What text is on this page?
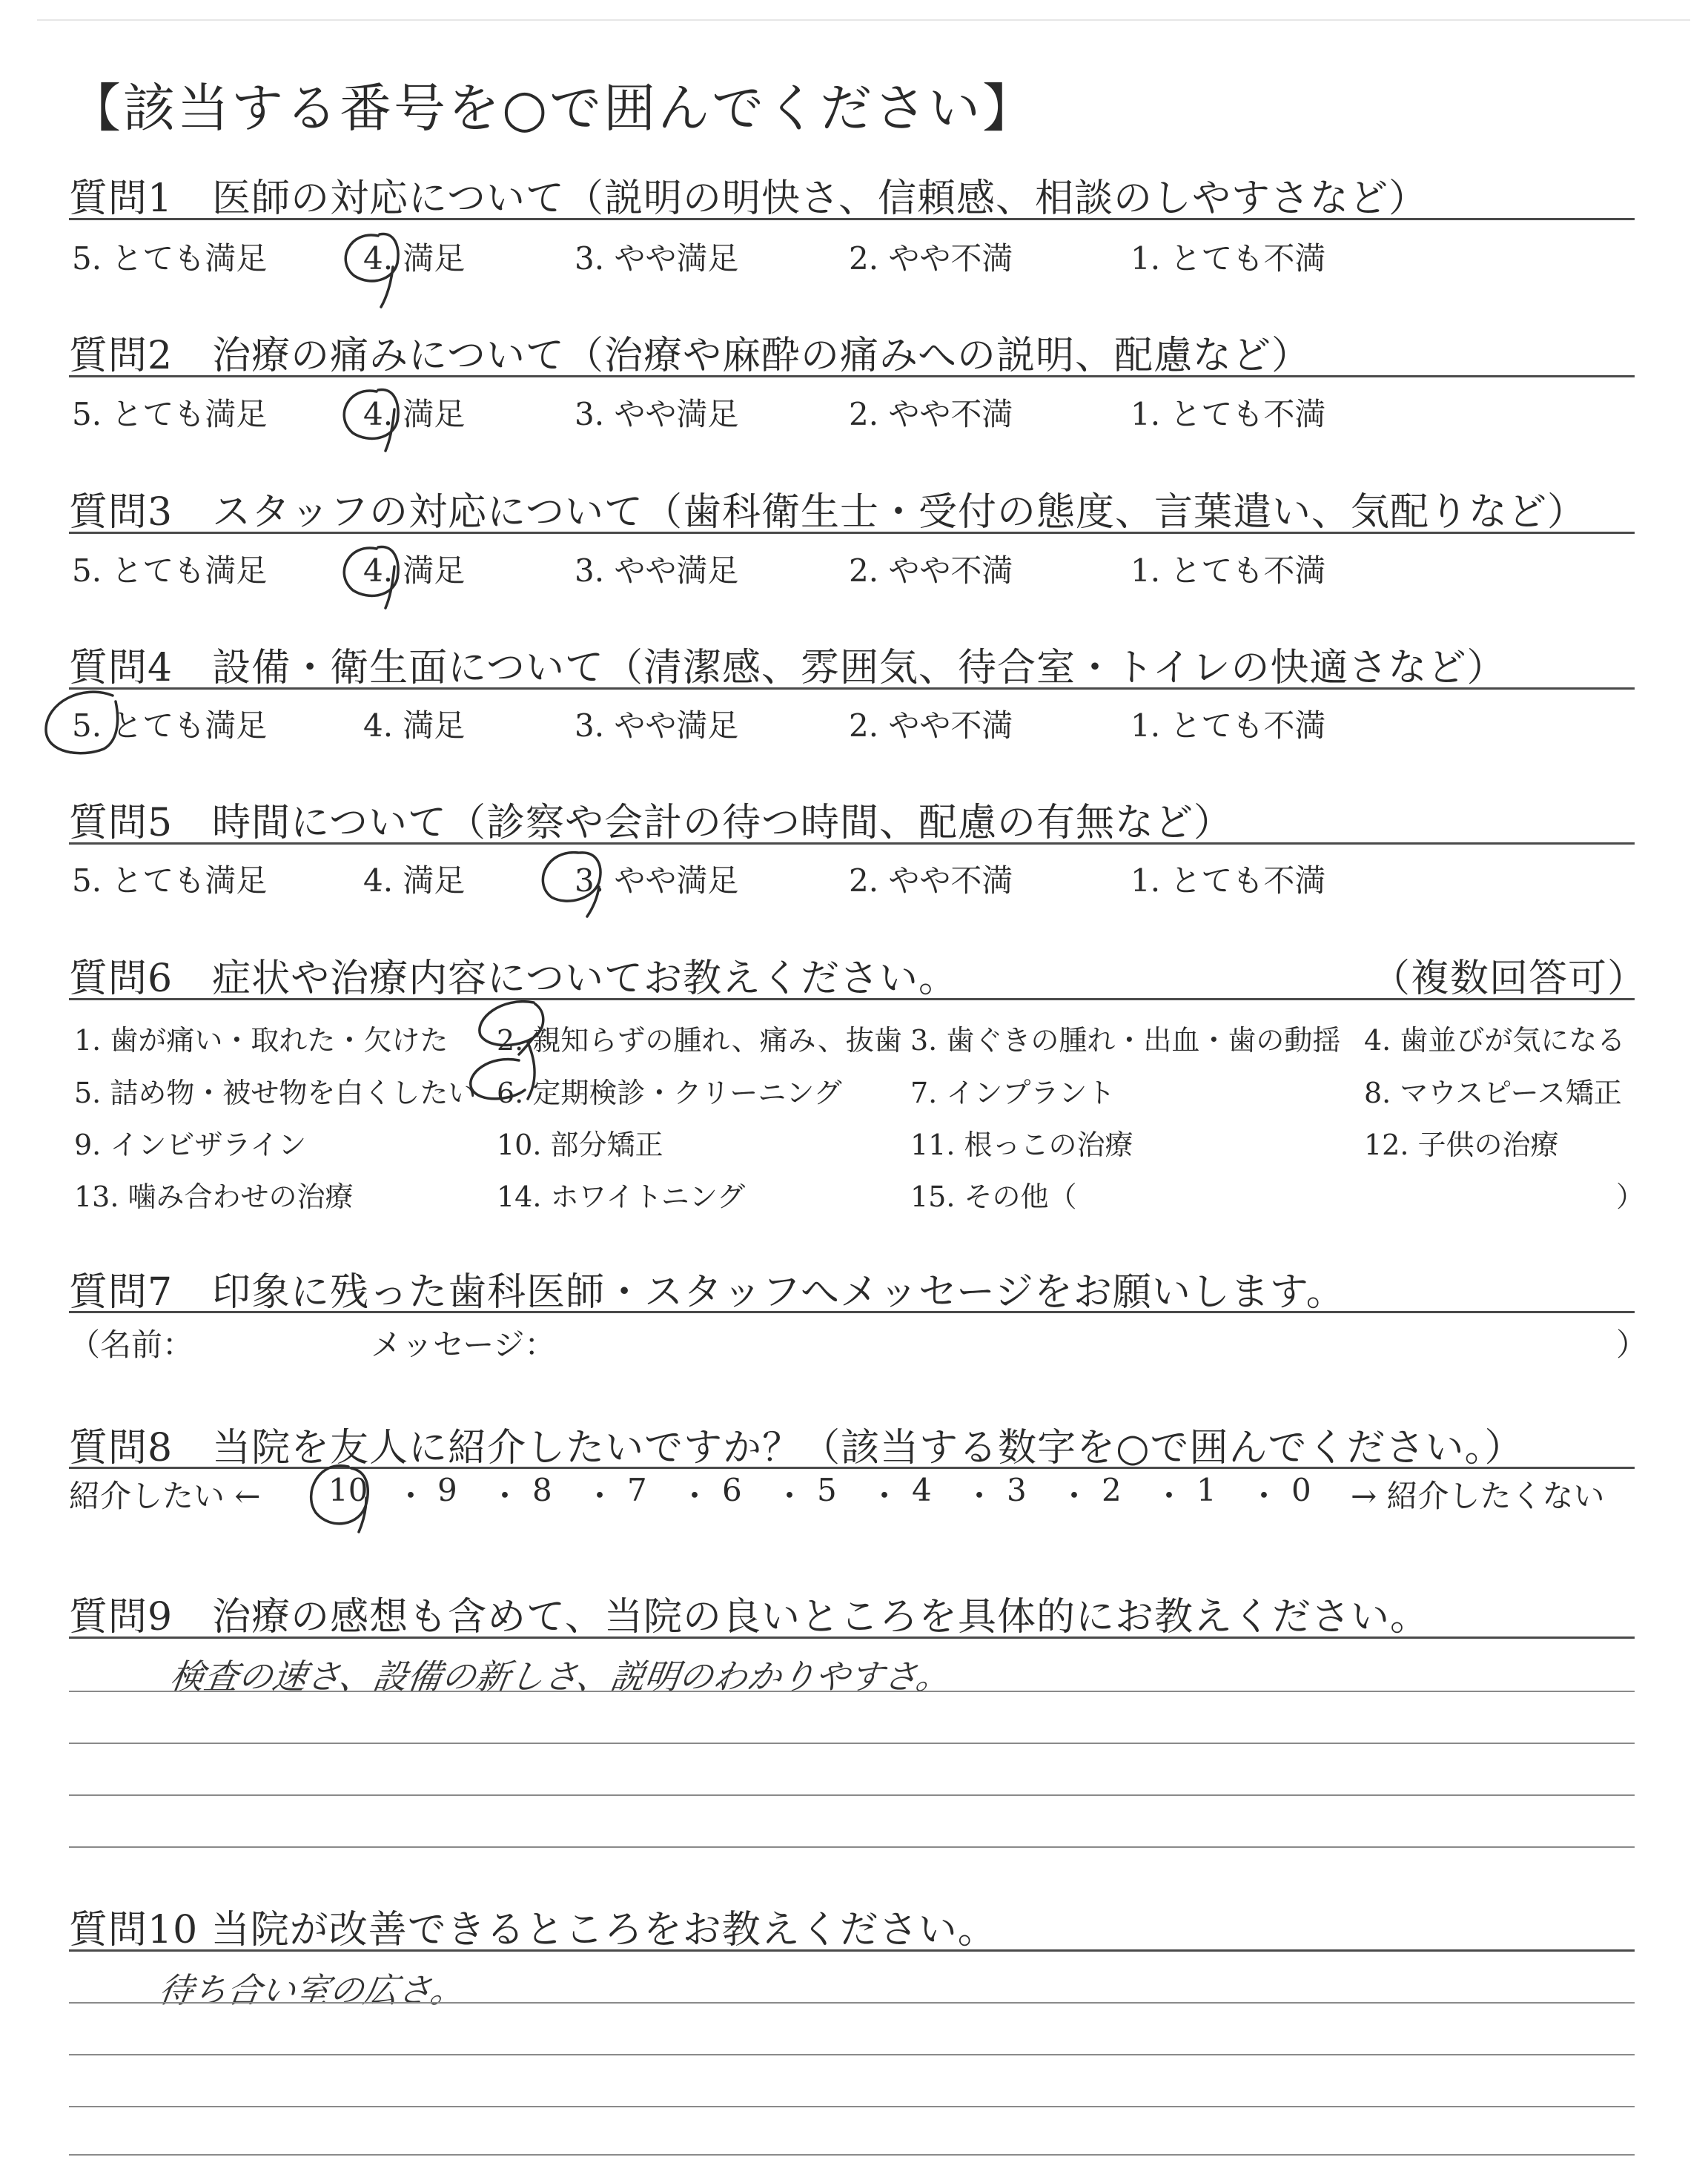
【該当する番号を○で囲んでください】
質問1　医師の対応について（説明の明快さ、信頼感、相談のしやすさなど）
5. とても満足	4. 満足	3. やや満足	2. やや不満	1. とても不満
質問2　治療の痛みについて（治療や麻酔の痛みへの説明、配慮など）
5. とても満足	4. 満足	3. やや満足	2. やや不満	1. とても不満
質問3　スタッフの対応について（歯科衛生士・受付の態度、言葉遣い、気配りなど）
5. とても満足	4. 満足	3. やや満足	2. やや不満	1. とても不満
質問4　設備・衛生面について（清潔感、雰囲気、待合室・トイレの快適さなど）
5. とても満足	4. 満足	3. やや満足	2. やや不満	1. とても不満
質問5　時間について（診察や会計の待つ時間、配慮の有無など）
5. とても満足	4. 満足	3. やや満足	2. やや不満	1. とても不満
質問6　症状や治療内容についてお教えください。	（複数回答可）
1. 歯が痛い・取れた・欠けた 2. 親知らずの腫れ、痛み、抜歯 3. 歯ぐきの腫れ・出血・歯の動揺 4. 歯並びが気になる
5. 詰め物・被せ物を白くしたい 6. 定期検診・クリーニング 7. インプラント	8. マウスピース矯正
9. インビザライン	10. 部分矯正	11. 根っこの治療	12. 子供の治療
13. 噛み合わせの治療	14. ホワイトニング	15. その他（	）
質問7　印象に残った歯科医師・スタッフへメッセージをお願いします。
（名前：	メッセージ：	）
質問8　当院を友人に紹介したいですか？（該当する数字を○で囲んでください。）
紹介したい ← 10 ・ 9 ・ 8 ・ 7 ・ 6 ・ 5 ・ 4 ・ 3 ・ 2 ・ 1 ・ 0 → 紹介したくない
質問9　治療の感想も含めて、当院の良いところを具体的にお教えください。
検査の速さ、設備の新しさ、説明のわかりやすさ。
質問10 当院が改善できるところをお教えください。
待ち合い室の広さ。
